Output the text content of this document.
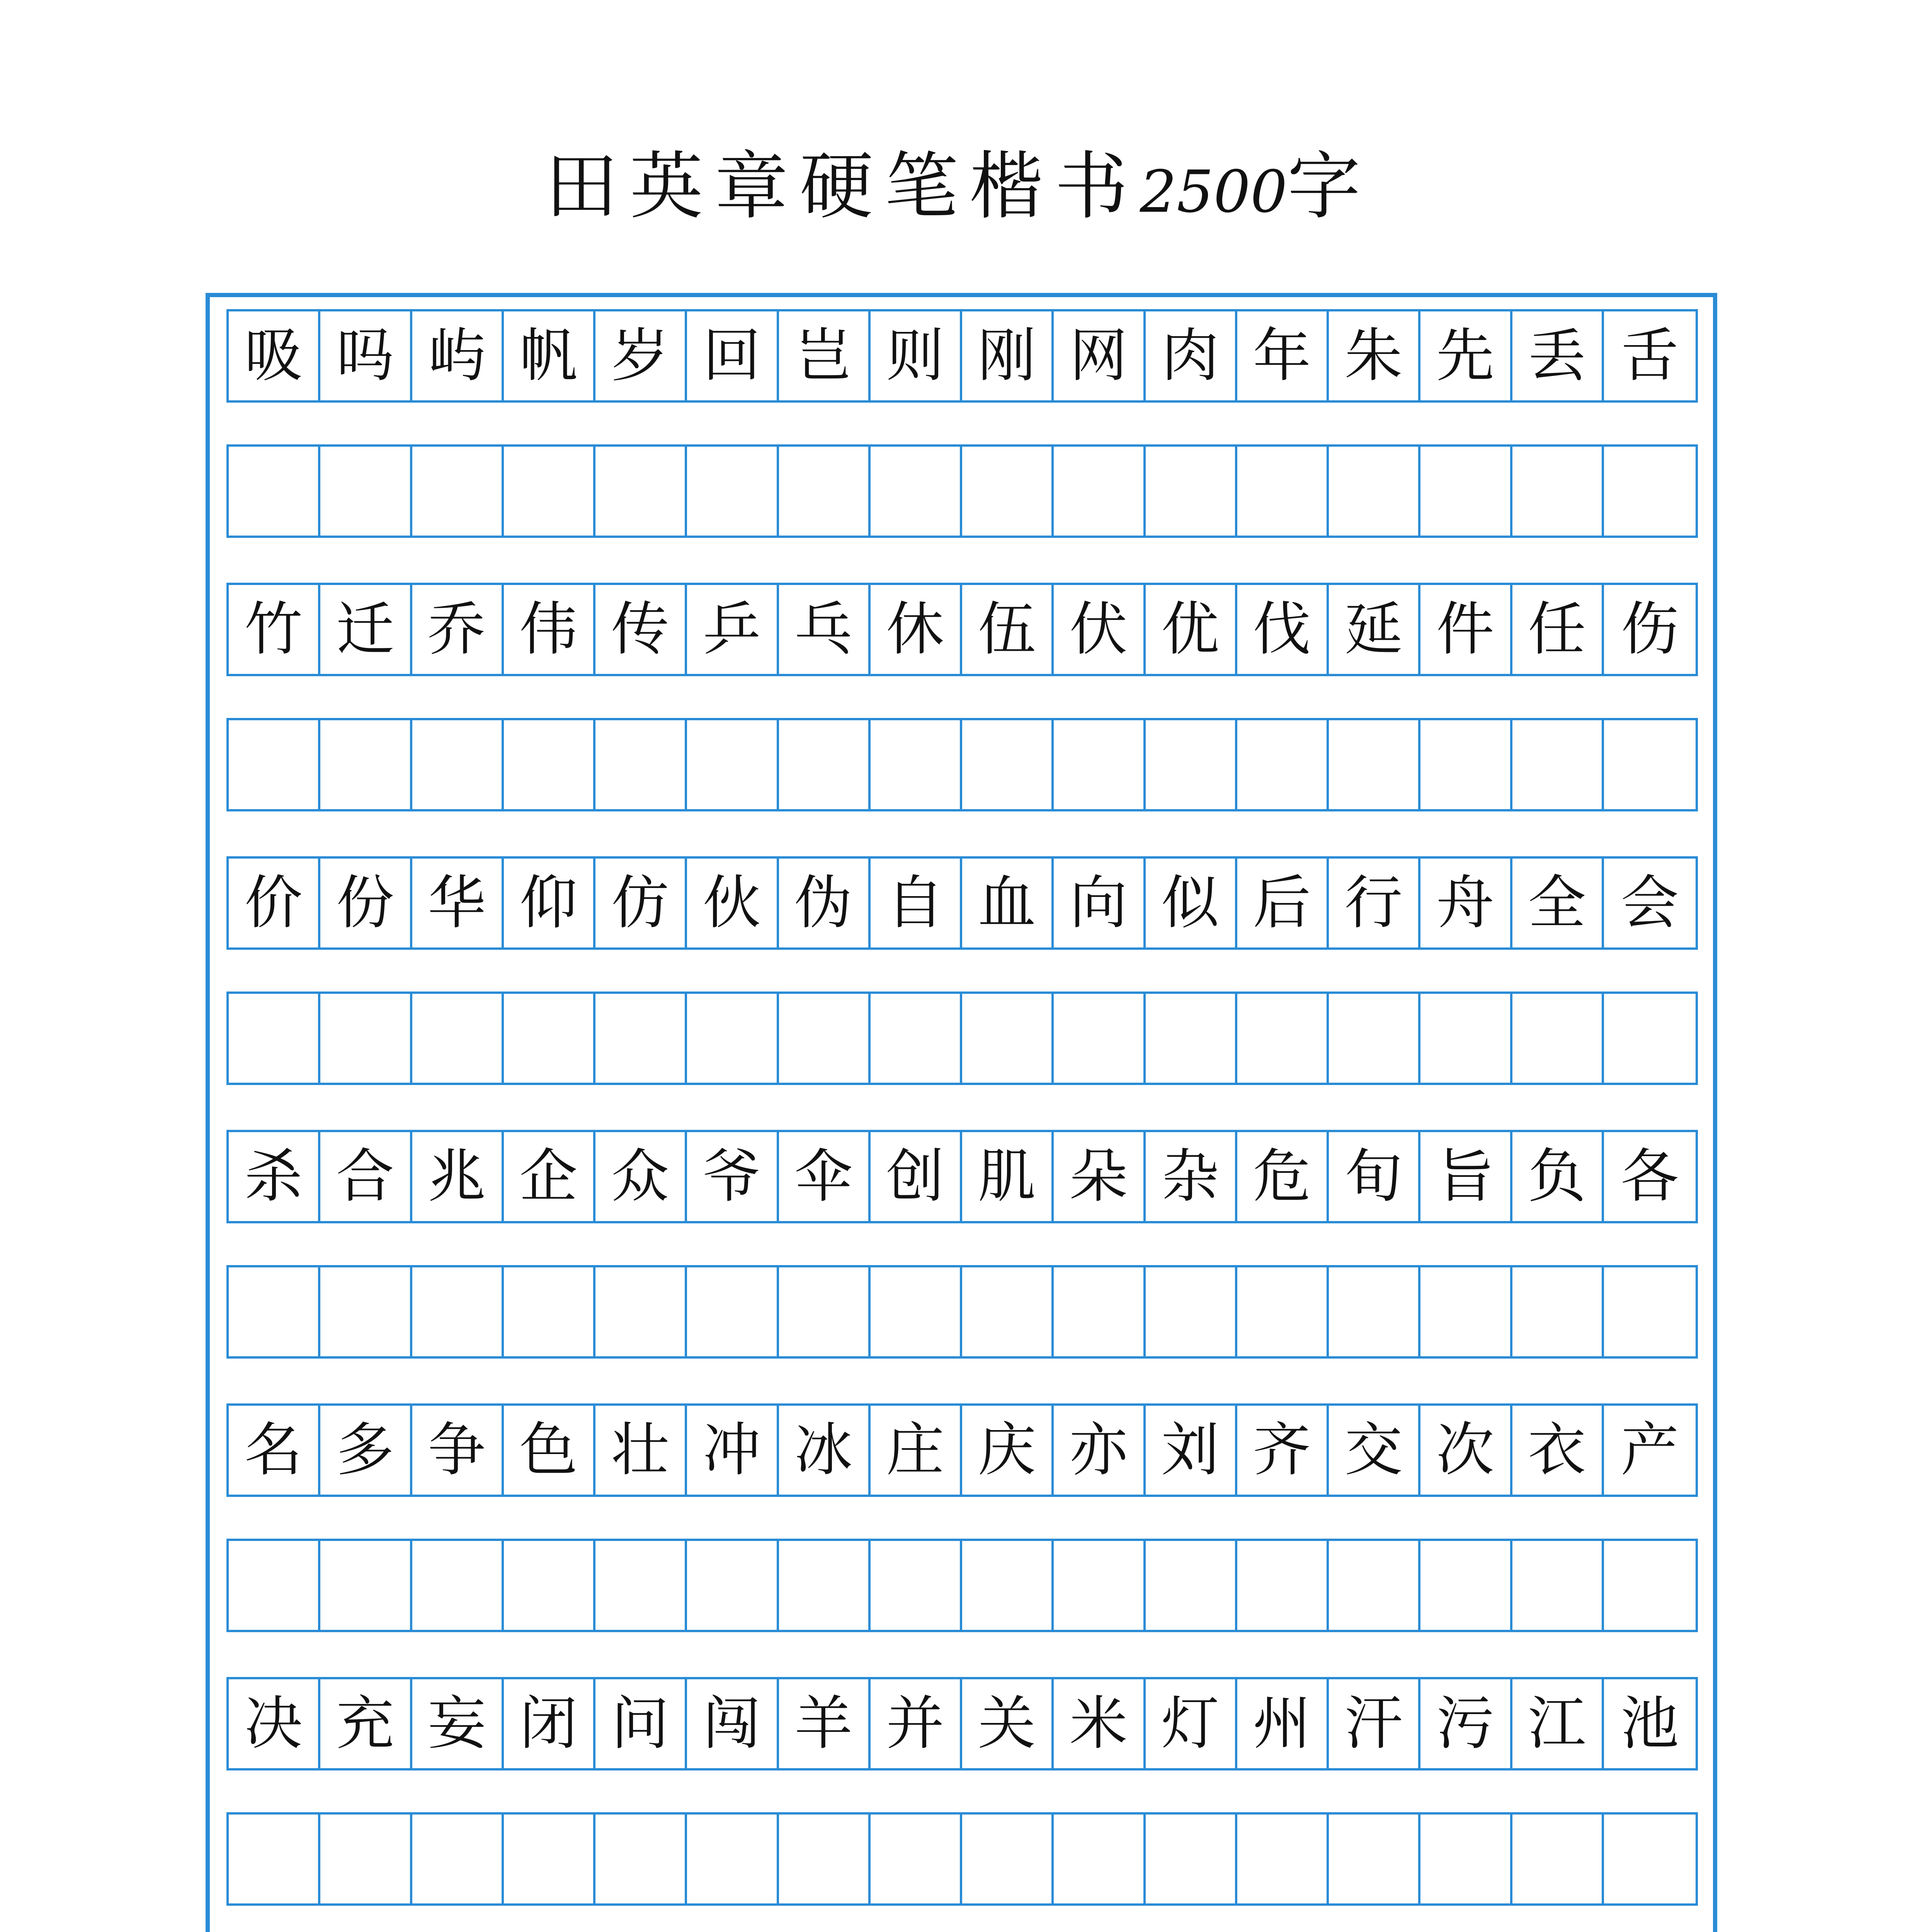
田英章硬笔楷书2500字
吸 吗 屿 帆 岁 回 岂 则 刚 网 肉 年 朱 先 丢 舌
竹 迁 乔 伟 传 乒 乓 休 伍 伏 优 伐 延 件 任 伤
价 份 华 仰 仿 伙 伪 自 血 向 似 后 行 舟 全 会
杀 合 兆 企 众 爷 伞 创 肌 朵 杂 危 旬 旨 负 各
名 多 争 色 壮 冲 冰 庄 庆 亦 刘 齐 交 次 衣 产
决 充 妄 闭 问 闯 羊 并 关 米 灯 州 汗 污 江 池
